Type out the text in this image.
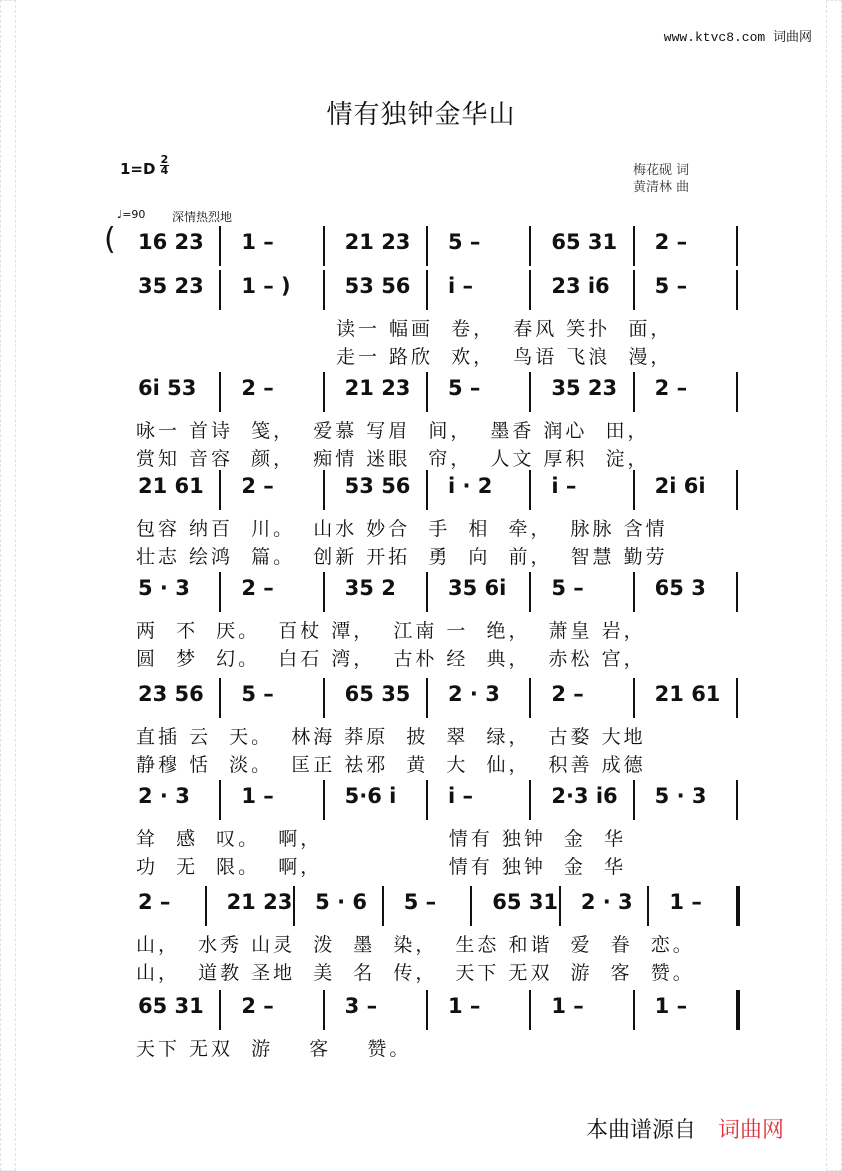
www.ktvc8.com 词曲网
情有独钟金华山
1=D
2
4	梅花砚 词
黄清林 曲
♩=90 深情热烈地
( 16 23 1 –	21 23 5 –	65 31 2 –
35 23 1 – )	53 56 i –	23 i6 5 –
读一 幅画  卷，  春风 笑扑  面，
走一 路欣  欢，  鸟语 飞浪  漫，
6i 53 2 –	21 23 5 –	35 23 2 –
咏一 首诗  笺，  爱慕 写眉  间，  墨香 润心  田，
赏知 音容  颜，  痴情 迷眼  帘，  人文 厚积  淀，
21 61 2 –	53 56 i · 2	i –	2i 6i
包容 纳百  川。  山水 妙合  手  相  牵，  脉脉 含情
壮志 绘鸿  篇。  创新 开拓  勇  向  前，  智慧 勤劳
5 · 3 2 –	35 2 35 6i 5 –	65 3
两  不  厌。  百杖 潭，  江南 一  绝，  萧皇 岩，
圆  梦  幻。  白石 湾，  古朴 经  典，  赤松 宫，
23 56 5 –	65 35 2 · 3 2 –	21 61
直插 云  天。  林海 莽原  披  翠  绿，  古婺 大地
静穆 恬  淡。  匡正 祛邪  黄  大  仙，  积善 成德
2 · 3 1 –	5·6 i i –	2·3 i6 5 · 3
耸  感  叹。  啊，              情有 独钟  金  华
功  无  限。  啊，              情有 独钟  金  华
2 –	21 23 5 · 6 5 –	65 31 2 · 3 1 –
山，  水秀 山灵  泼  墨  染，  生态 和谐  爱  眷  恋。
山，  道教 圣地  美  名  传，  天下 无双  游  客  赞。
65 31 2 –	3 –	1 –	1 –	1 –
天下 无双  游    客    赞。
本曲谱源自 词曲网
